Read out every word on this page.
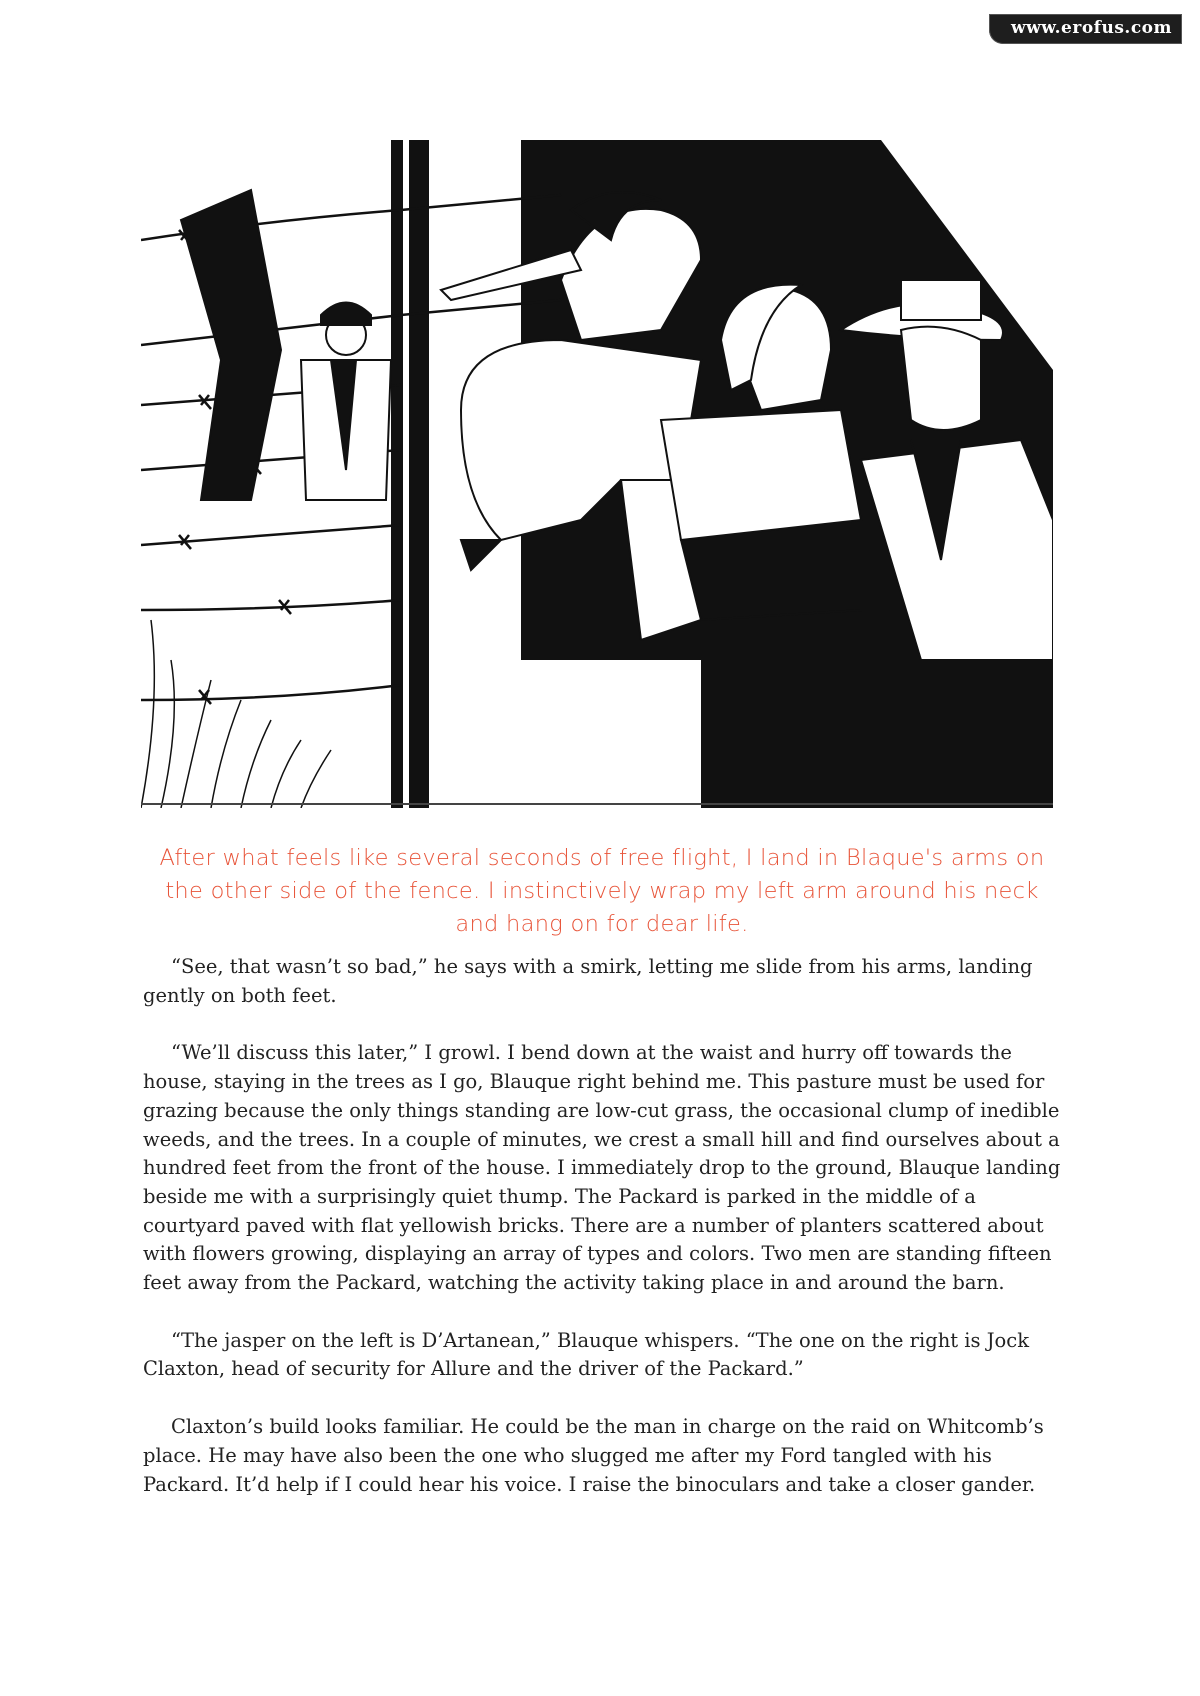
www.erofus.com
After what feels like several seconds of free flight, I land in Blaque's arms on the other side of the fence. I instinctively wrap my left arm around his neck and hang on for dear life.

“See, that wasn’t so bad,” he says with a smirk, letting me slide from his arms, landing gently on both feet.

“We’ll discuss this later,” I growl. I bend down at the waist and hurry off towards the house, staying in the trees as I go, Blauque right behind me. This pasture must be used for grazing because the only things standing are low-cut grass, the occasional clump of inedible weeds, and the trees. In a couple of minutes, we crest a small hill and find ourselves about a hundred feet from the front of the house. I immediately drop to the ground, Blauque landing beside me with a surprisingly quiet thump. The Packard is parked in the middle of a courtyard paved with flat yellowish bricks. There are a number of planters scattered about with flowers growing, displaying an array of types and colors. Two men are standing fifteen feet away from the Packard, watching the activity taking place in and around the barn.

“The jasper on the left is D’Artanean,” Blauque whispers. “The one on the right is Jock Claxton, head of security for Allure and the driver of the Packard.”

Claxton’s build looks familiar. He could be the man in charge on the raid on Whitcomb’s place. He may have also been the one who slugged me after my Ford tangled with his Packard. It’d help if I could hear his voice. I raise the binoculars and take a closer gander.
